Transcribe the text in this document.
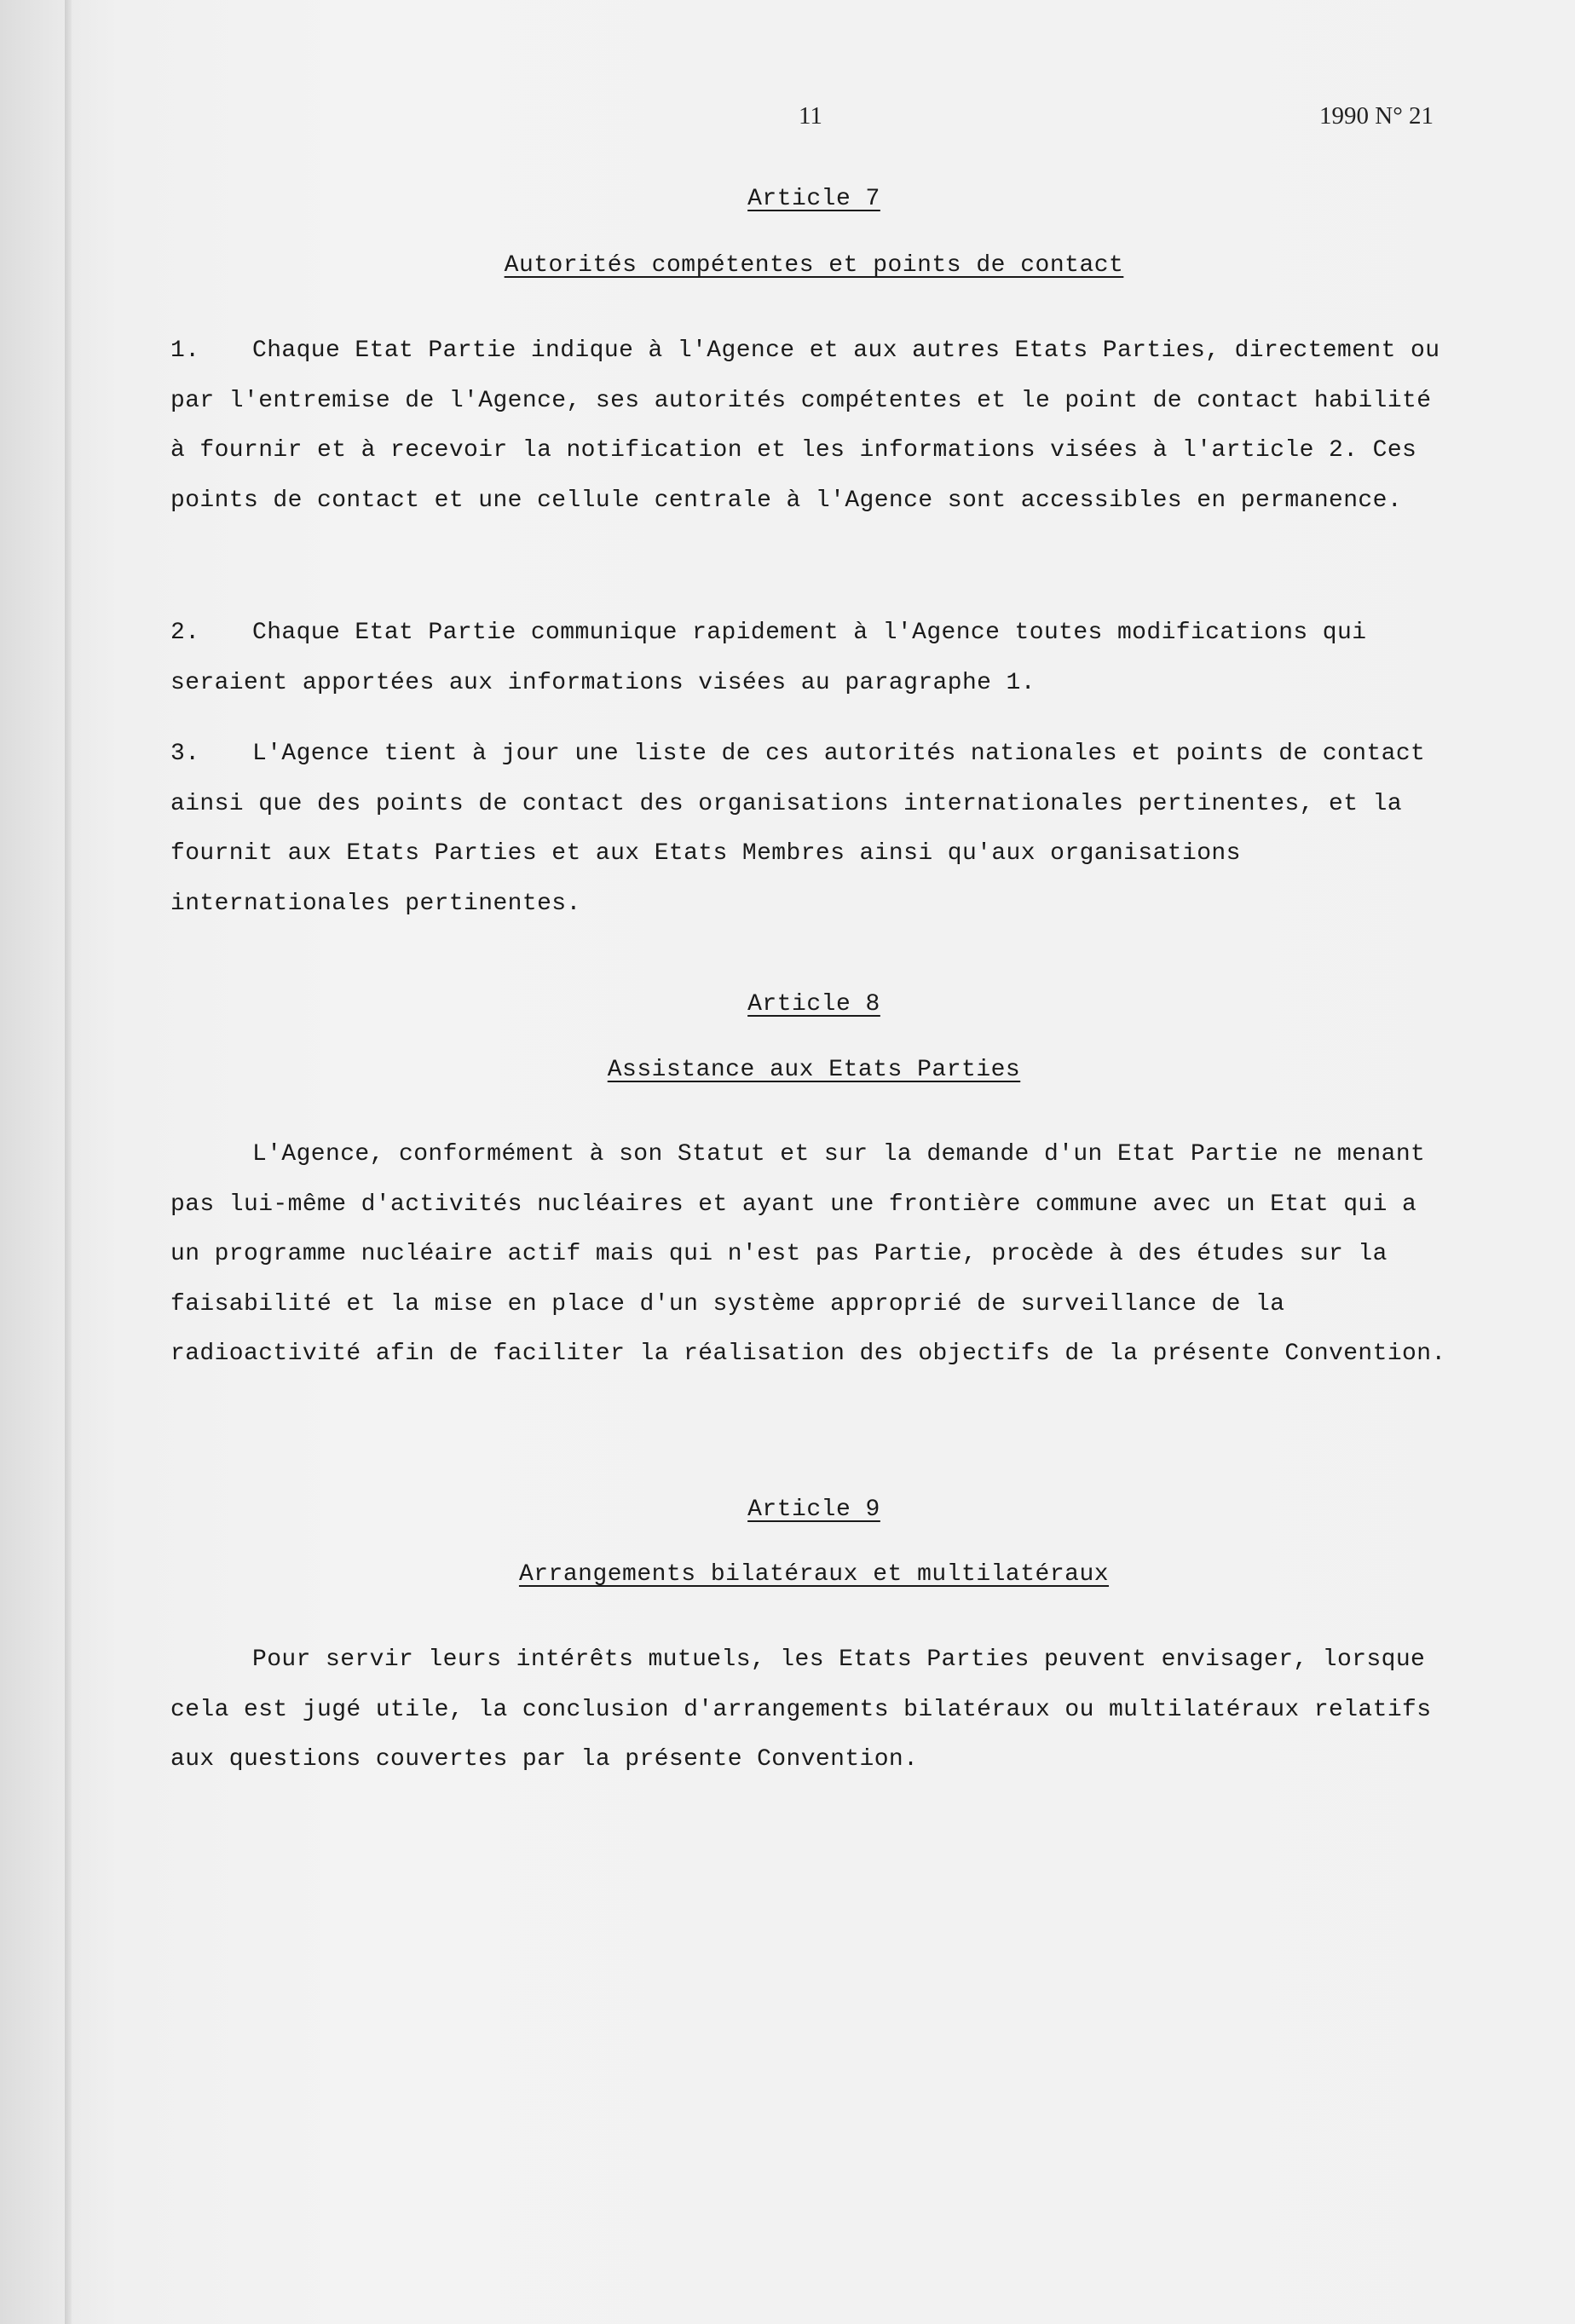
11	1990 N° 21
Article 7
Autorités compétentes et points de contact
1. Chaque Etat Partie indique à l'Agence et aux autres Etats Parties, directement ou par l'entremise de l'Agence, ses autorités compétentes et le point de contact habilité à fournir et à recevoir la notification et les informations visées à l'article 2. Ces points de contact et une cellule centrale à l'Agence sont accessibles en permanence.
2. Chaque Etat Partie communique rapidement à l'Agence toutes modifications qui seraient apportées aux informations visées au paragraphe 1.
3. L'Agence tient à jour une liste de ces autorités nationales et points de contact ainsi que des points de contact des organisations internationales pertinentes, et la fournit aux Etats Parties et aux Etats Membres ainsi qu'aux organisations internationales pertinentes.
Article 8
Assistance aux Etats Parties
L'Agence, conformément à son Statut et sur la demande d'un Etat Partie ne menant pas lui-même d'activités nucléaires et ayant une frontière commune avec un Etat qui a un programme nucléaire actif mais qui n'est pas Partie, procède à des études sur la faisabilité et la mise en place d'un système approprié de surveillance de la radioactivité afin de faciliter la réalisation des objectifs de la présente Convention.
Article 9
Arrangements bilatéraux et multilatéraux
Pour servir leurs intérêts mutuels, les Etats Parties peuvent envisager, lorsque cela est jugé utile, la conclusion d'arrangements bilatéraux ou multilatéraux relatifs aux questions couvertes par la présente Convention.
